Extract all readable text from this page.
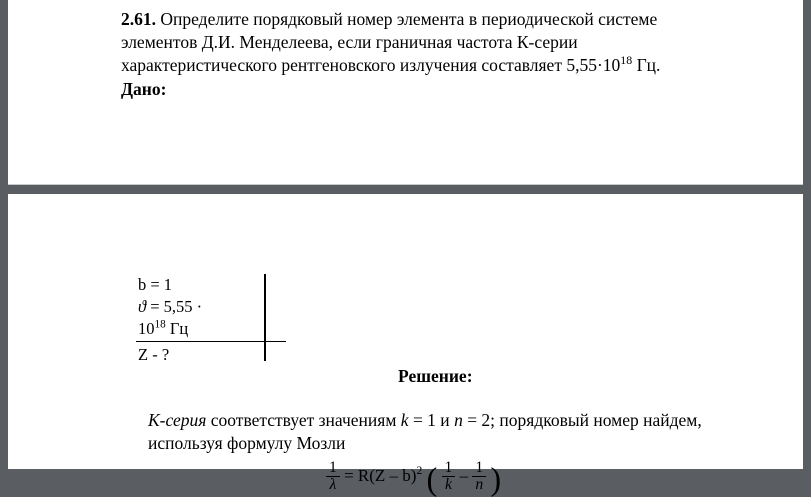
2.61. Определите порядковый номер элемента в периодической системе
элементов Д.И. Менделеева, если граничная частота К-серии
характеристического рентгеновского излучения составляет $5,55\cdot 10^{18}$ Гц.
Дано:
b = 1
ϑ = 5,55 ·
$10^{18}$ Гц
Z - ?
Решение:
К-серия соответствует значениям k = 1 и n = 2; порядковый номер найдем,
используя формулу Мозли
$\frac{1}{\lambda} = R(Z - b)^2$ ( $\frac{1}{k} - \frac{1}{n}$ )
